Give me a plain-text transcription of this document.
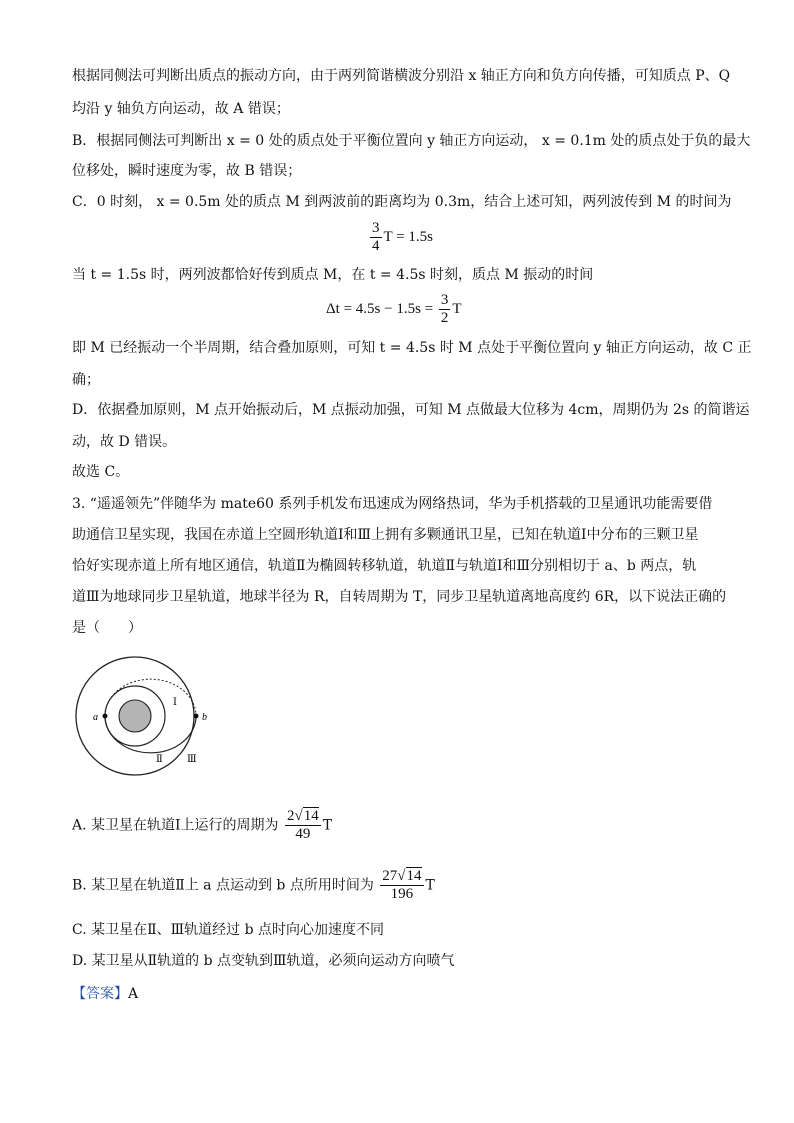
根据同侧法可判断出质点的振动方向，由于两列简谐横波分别沿 x 轴正方向和负方向传播，可知质点 P、Q
均沿 y 轴负方向运动，故 A 错误；
B．根据同侧法可判断出 x = 0 处的质点处于平衡位置向 y 轴正方向运动， x = 0.1m 处的质点处于负的最大
位移处，瞬时速度为零，故 B 错误；
C．0 时刻， x = 0.5m 处的质点 M 到两波前的距离均为 0.3m，结合上述可知，两列波传到 M 的时间为
$\frac{3}{4}$ T = 1.5s
当 t = 1.5s 时，两列波都恰好传到质点 M，在 t = 4.5s 时刻，质点 M 振动的时间
$\Delta t = 4.5s - 1.5s = \frac{3}{2}$ T
即 M 已经振动一个半周期，结合叠加原则，可知 t = 4.5s 时 M 点处于平衡位置向 y 轴正方向运动，故 C 正
确；
D．依据叠加原则，M 点开始振动后，M 点振动加强，可知 M 点做最大位移为 4cm，周期仍为 2s 的简谐运
动，故 D 错误。
故选 C。
3. “遥遥领先”伴随华为 mate60 系列手机发布迅速成为网络热词，华为手机搭载的卫星通讯功能需要借
助通信卫星实现，我国在赤道上空圆形轨道Ⅰ和Ⅲ上拥有多颗通讯卫星，已知在轨道Ⅰ中分布的三颗卫星
恰好实现赤道上所有地区通信，轨道Ⅱ为椭圆转移轨道，轨道Ⅱ与轨道Ⅰ和Ⅲ分别相切于 a、b 两点，轨
道Ⅲ为地球同步卫星轨道，地球半径为 R，自转周期为 T，同步卫星轨道离地高度约 6R，以下说法正确的
是（　　）
a	b
Ⅰ
Ⅱ Ⅲ
A. 某卫星在轨道Ⅰ上运行的周期为 $\frac{2√14}{49}$ T
B. 某卫星在轨道Ⅱ上 a 点运动到 b 点所用时间为 $\frac{27√14}{196}$ T
C. 某卫星在Ⅱ、Ⅲ轨道经过 b 点时向心加速度不同
D. 某卫星从Ⅱ轨道的 b 点变轨到Ⅲ轨道，必须向运动方向喷气
【答案】A
